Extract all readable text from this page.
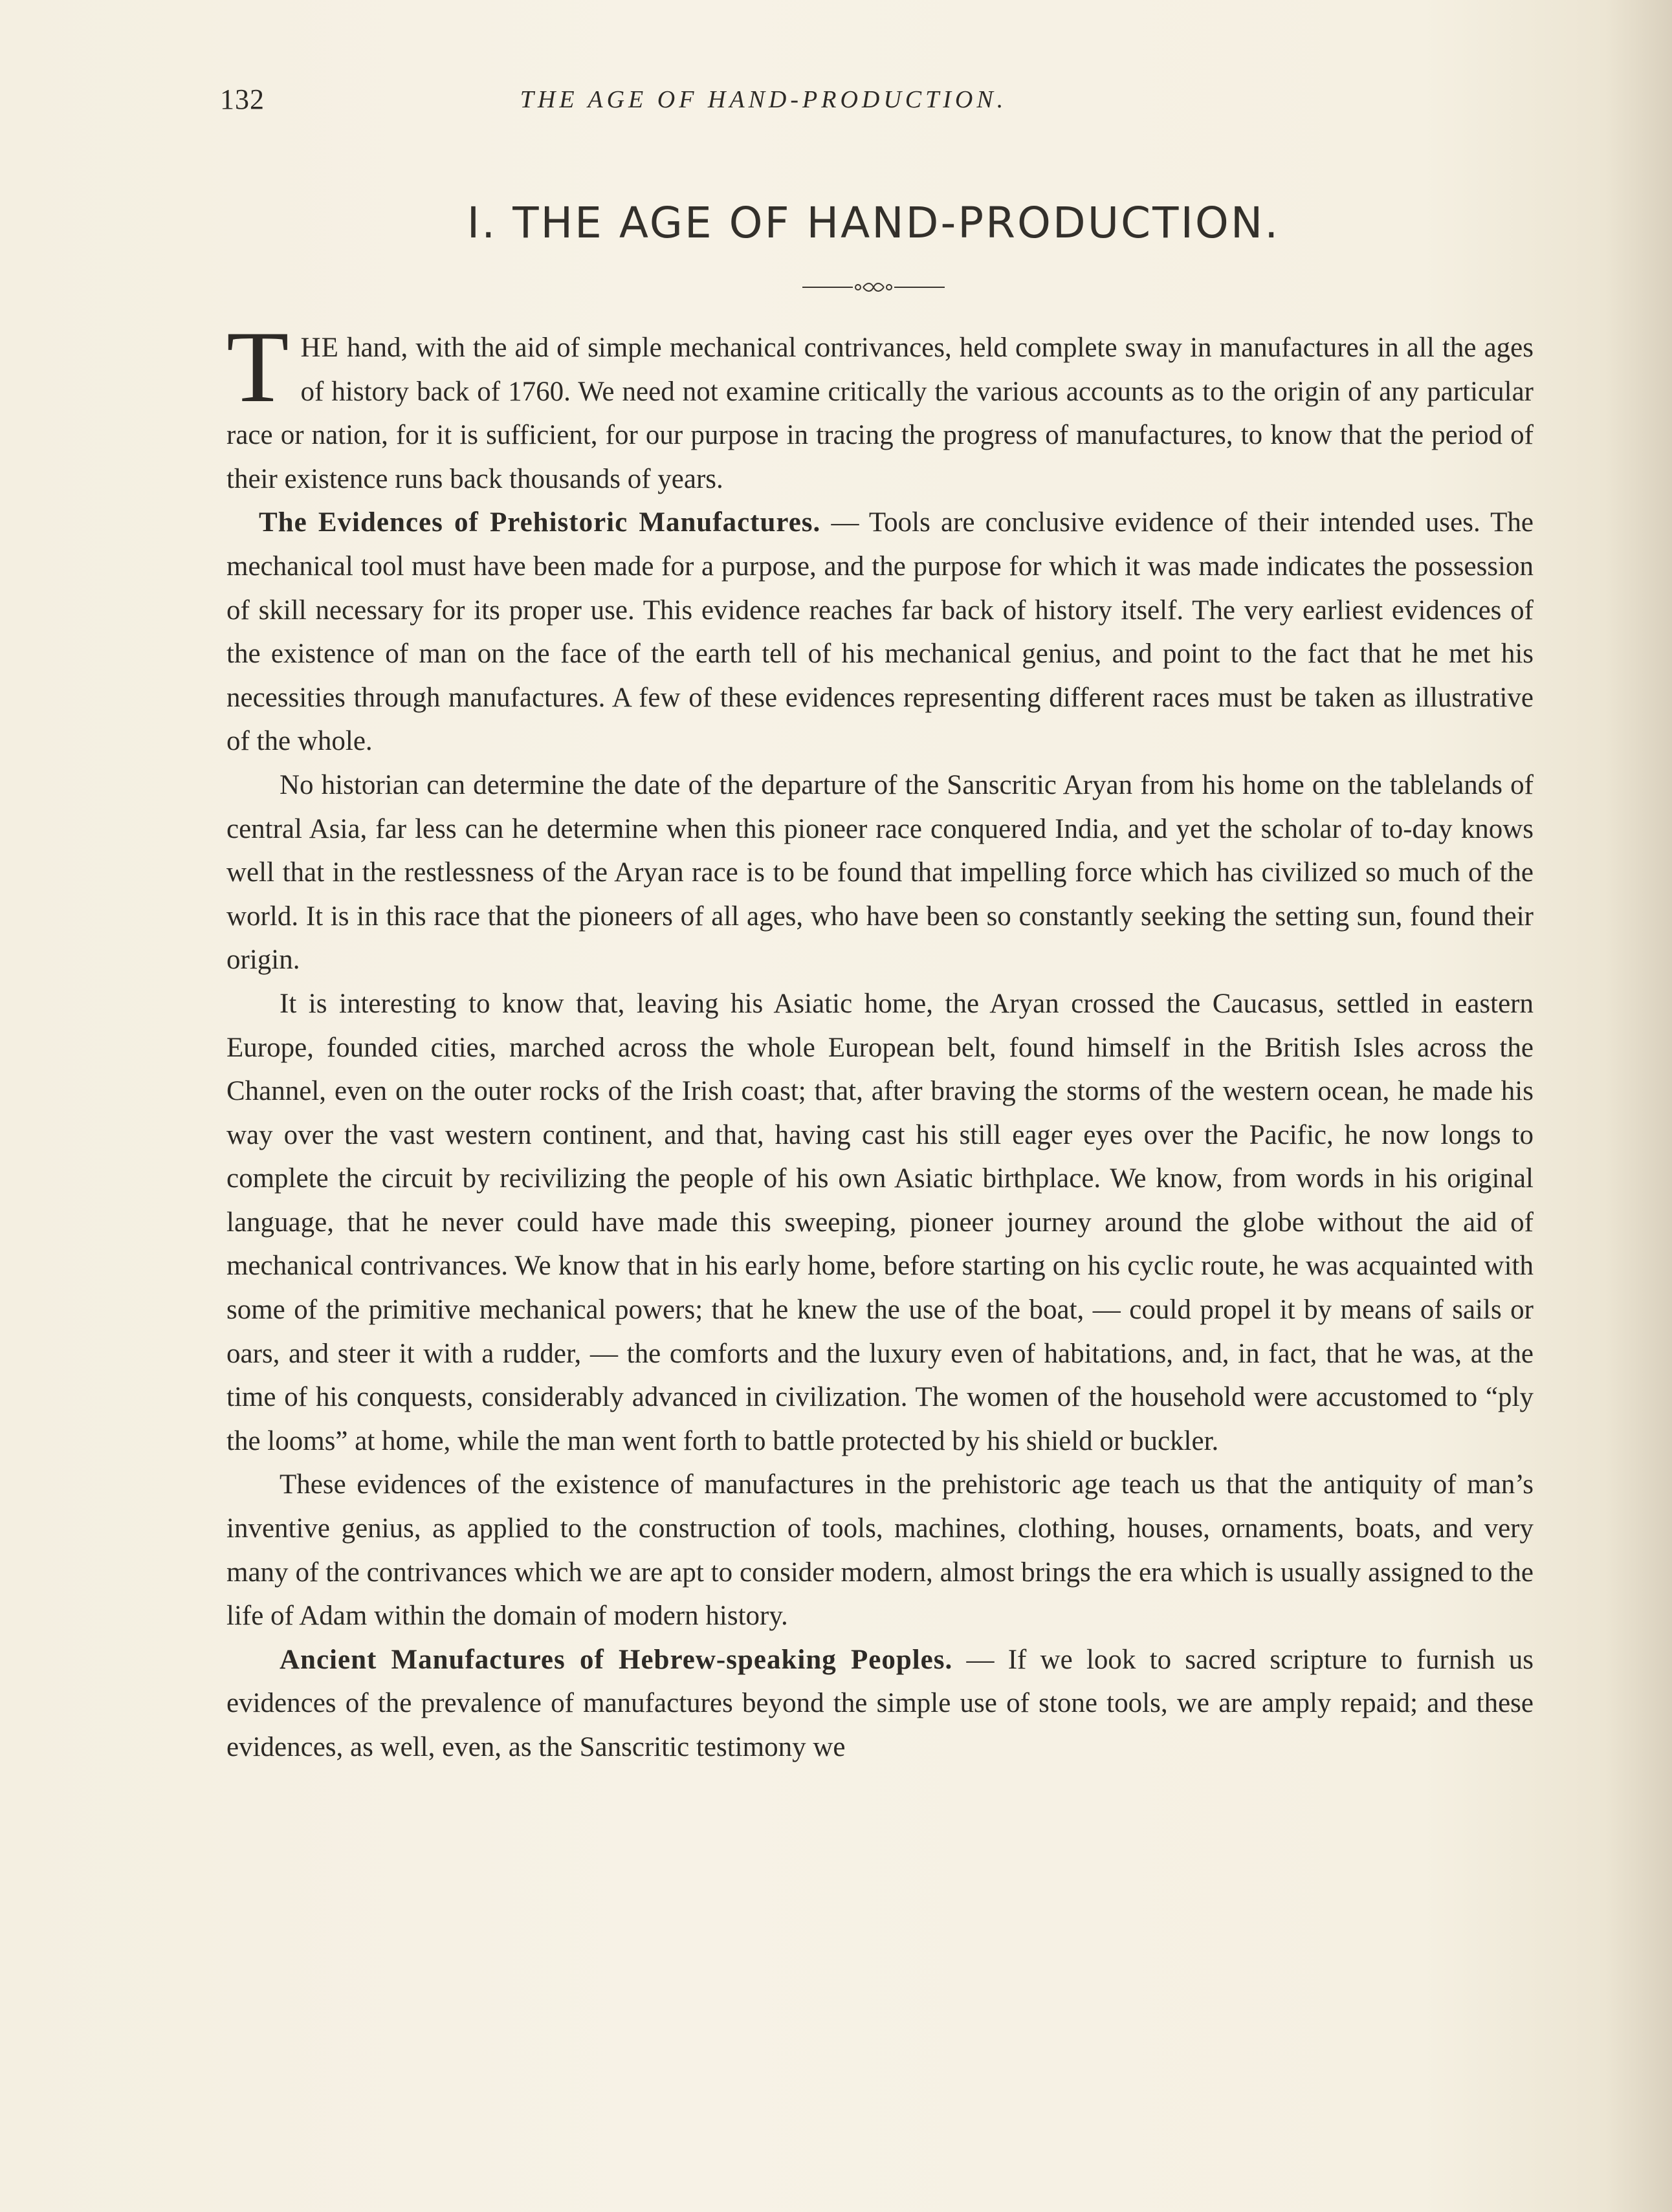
132	THE AGE OF HAND-PRODUCTION.
I. THE AGE OF HAND-PRODUCTION.

THE hand, with the aid of simple mechanical contrivances, held complete sway in manufactures in all the ages of history back of 1760. We need not examine critically the various accounts as to the origin of any particular race or nation, for it is sufficient, for our purpose in tracing the progress of manufactures, to know that the period of their existence runs back thousands of years.

The Evidences of Prehistoric Manufactures. — Tools are conclusive evidence of their intended uses. The mechanical tool must have been made for a purpose, and the purpose for which it was made indicates the possession of skill necessary for its proper use. This evidence reaches far back of history itself. The very earliest evidences of the existence of man on the face of the earth tell of his mechanical genius, and point to the fact that he met his necessities through manufactures. A few of these evidences representing different races must be taken as illustrative of the whole.

No historian can determine the date of the departure of the Sanscritic Aryan from his home on the tablelands of central Asia, far less can he determine when this pioneer race conquered India, and yet the scholar of to-day knows well that in the restlessness of the Aryan race is to be found that impelling force which has civilized so much of the world. It is in this race that the pioneers of all ages, who have been so constantly seeking the setting sun, found their origin.

It is interesting to know that, leaving his Asiatic home, the Aryan crossed the Caucasus, settled in eastern Europe, founded cities, marched across the whole European belt, found himself in the British Isles across the Channel, even on the outer rocks of the Irish coast; that, after braving the storms of the western ocean, he made his way over the vast western continent, and that, having cast his still eager eyes over the Pacific, he now longs to complete the circuit by recivilizing the people of his own Asiatic birthplace. We know, from words in his original language, that he never could have made this sweeping, pioneer journey around the globe without the aid of mechanical contrivances. We know that in his early home, before starting on his cyclic route, he was acquainted with some of the primitive mechanical powers; that he knew the use of the boat, — could propel it by means of sails or oars, and steer it with a rudder, — the comforts and the luxury even of habitations, and, in fact, that he was, at the time of his conquests, considerably advanced in civilization. The women of the household were accustomed to “ply the looms” at home, while the man went forth to battle protected by his shield or buckler.

These evidences of the existence of manufactures in the prehistoric age teach us that the antiquity of man’s inventive genius, as applied to the construction of tools, machines, clothing, houses, ornaments, boats, and very many of the contrivances which we are apt to consider modern, almost brings the era which is usually assigned to the life of Adam within the domain of modern history.

Ancient Manufactures of Hebrew-speaking Peoples. — If we look to sacred scripture to furnish us evidences of the prevalence of manufactures beyond the simple use of stone tools, we are amply repaid; and these evidences, as well, even, as the Sanscritic testimony we
